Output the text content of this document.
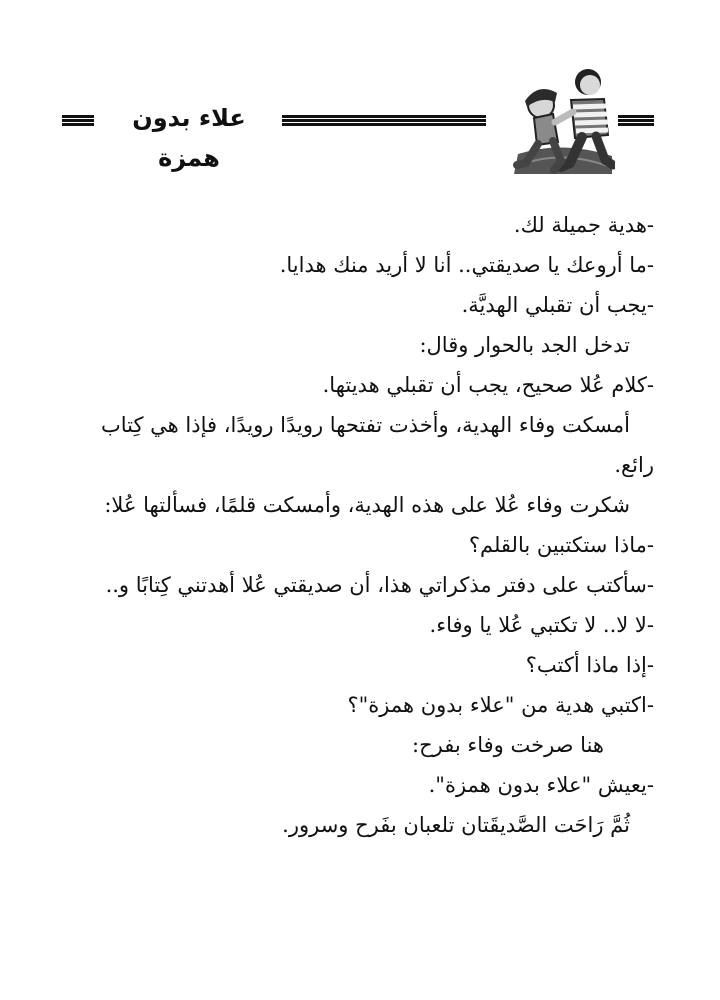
علاء بدون همزة
-هدية جميلة لك.
-ما أروعك يا صديقتي.. أنا لا أريد منك هدايا.
-يجب أن تقبلي الهديَّة.
تدخل الجد بالحوار وقال:
-كلام عُلا صحيح، يجب أن تقبلي هديتها.
أمسكت وفاء الهدية، وأخذت تفتحها رويدًا رويدًا، فإذا هي كِتاب
رائع.
شكرت وفاء عُلا على هذه الهدية، وأمسكت قلمًا، فسألتها عُلا:
-ماذا ستكتبين بالقلم؟
-سأكتب على دفتر مذكراتي هذا، أن صديقتي عُلا أهدتني كِتابًا و..
-لا لا.. لا تكتبي عُلا يا وفاء.
-إذا ماذا أكتب؟
-اكتبي هدية من "علاء بدون همزة"؟
هنا صرخت وفاء بفرح:
-يعيش "علاء بدون همزة".
ثُمَّ رَاحَت الصَّديقَتان تلعبان بفَرح وسرور.
